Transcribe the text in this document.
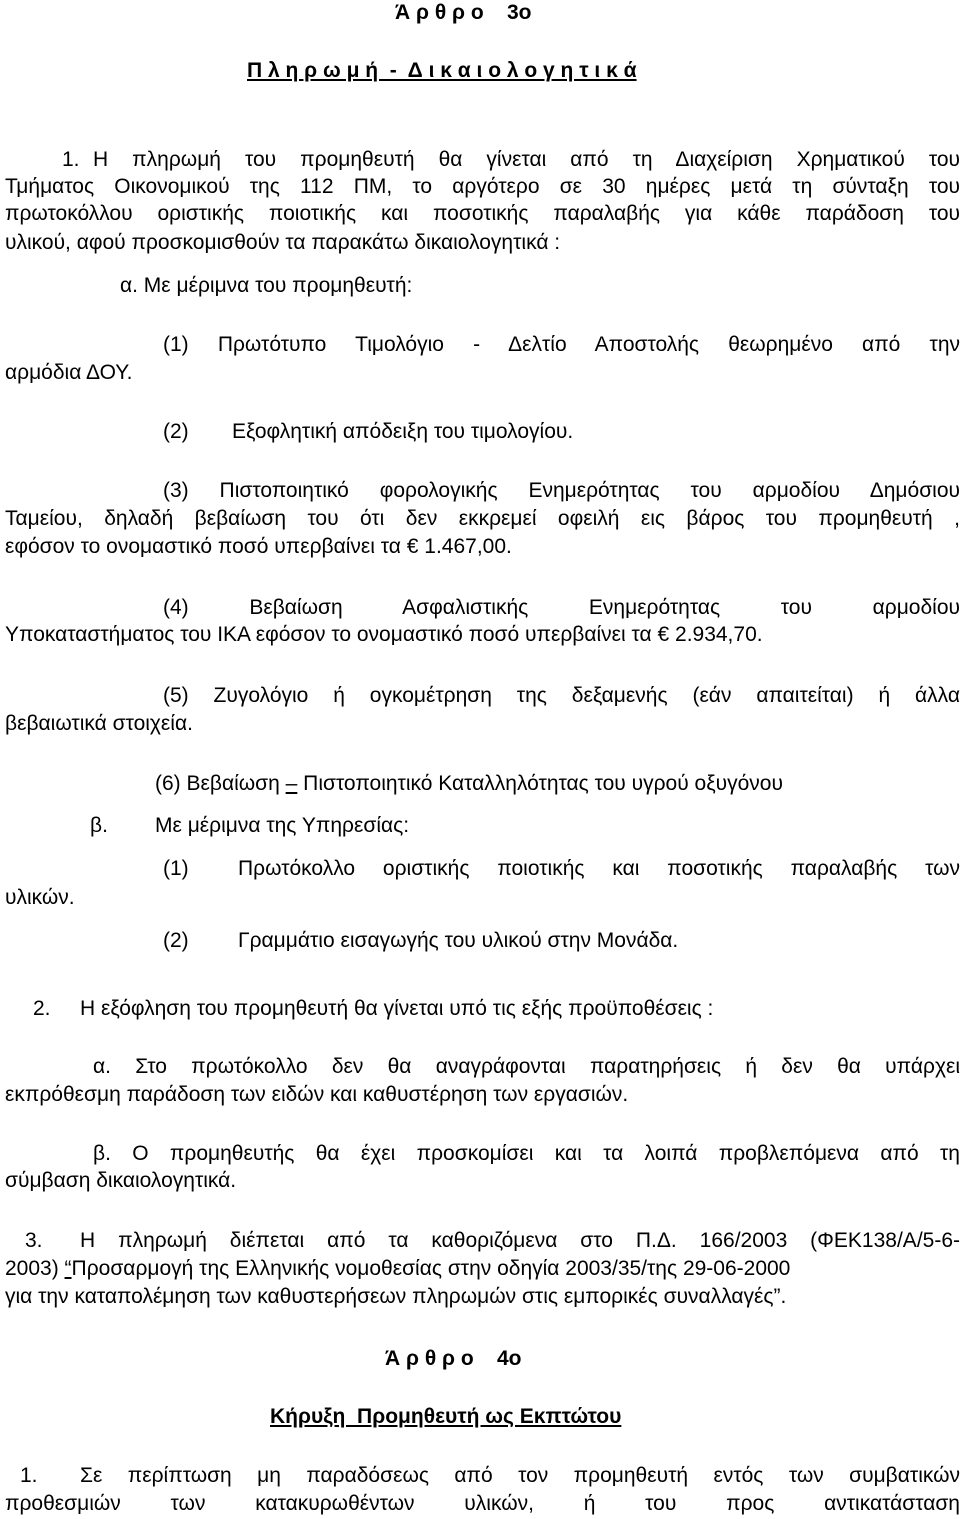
Ά ρ θ ρ ο    3ο
Π λ η ρ ω μ ή  -  Δ ι κ α ι ο λ ο γ η τ ι κ ά
1. Η πληρωμή του προμηθευτή θα γίνεται από τη Διαχείριση Χρηματικού του
Τμήματος Οικονομικού της 112 ΠΜ, το αργότερο σε 30 ημέρες μετά τη σύνταξη του
πρωτοκόλλου οριστικής ποιοτικής και ποσοτικής παραλαβής για κάθε παράδοση του
υλικού, αφού προσκομισθούν τα παρακάτω δικαιολογητικά :
α. Με μέριμνα του προμηθευτή:
(1) Πρωτότυπο Τιμολόγιο - Δελτίο Αποστολής θεωρημένο από την
αρμόδια ΔΟΥ.
(2) Εξοφλητική απόδειξη του τιμολογίου.
(3) Πιστοποιητικό φορολογικής Ενημερότητας του αρμοδίου Δημόσιου
Ταμείου, δηλαδή βεβαίωση του ότι δεν εκκρεμεί οφειλή εις βάρος του προμηθευτή ,
εφόσον το ονομαστικό ποσό υπερβαίνει τα € 1.467,00.
(4) Βεβαίωση Ασφαλιστικής Ενημερότητας του αρμοδίου
Υποκαταστήματος του ΙΚΑ εφόσον το ονομαστικό ποσό υπερβαίνει τα € 2.934,70.
(5) Ζυγολόγιο ή ογκομέτρηση της δεξαμενής (εάν απαιτείται) ή άλλα
βεβαιωτικά στοιχεία.
(6) Βεβαίωση – Πιστοποιητικό Καταλληλότητας του υγρού οξυγόνου
β. Με μέριμνα της Υπηρεσίας:
(1) Πρωτόκολλο οριστικής ποιοτικής και ποσοτικής παραλαβής των
υλικών.
(2) Γραμμάτιο εισαγωγής του υλικού στην Μονάδα.
2. Η εξόφληση του προμηθευτή θα γίνεται υπό τις εξής προϋποθέσεις :
α. Στο πρωτόκολλο δεν θα αναγράφονται παρατηρήσεις ή δεν θα υπάρχει
εκπρόθεσμη παράδοση των ειδών και καθυστέρηση των εργασιών.
β. Ο προμηθευτής θα έχει προσκομίσει και τα λοιπά προβλεπόμενα από τη
σύμβαση δικαιολογητικά.
3. Η πληρωμή διέπεται από τα καθοριζόμενα στο Π.Δ. 166/2003 (ΦΕΚ138/Α/5-6-
2003) “Προσαρμογή της Ελληνικής νομοθεσίας στην οδηγία 2003/35/της 29-06-2000
για την καταπολέμηση των καθυστερήσεων πληρωμών στις εμπορικές συναλλαγές”.
Ά ρ θ ρ ο    4ο
Κήρυξη  Προμηθευτή ως Εκπτώτου
1. Σε περίπτωση μη παραδόσεως από τον προμηθευτή εντός των συμβατικών
προθεσμιών των κατακυρωθέντων υλικών, ή του προς αντικατάσταση
